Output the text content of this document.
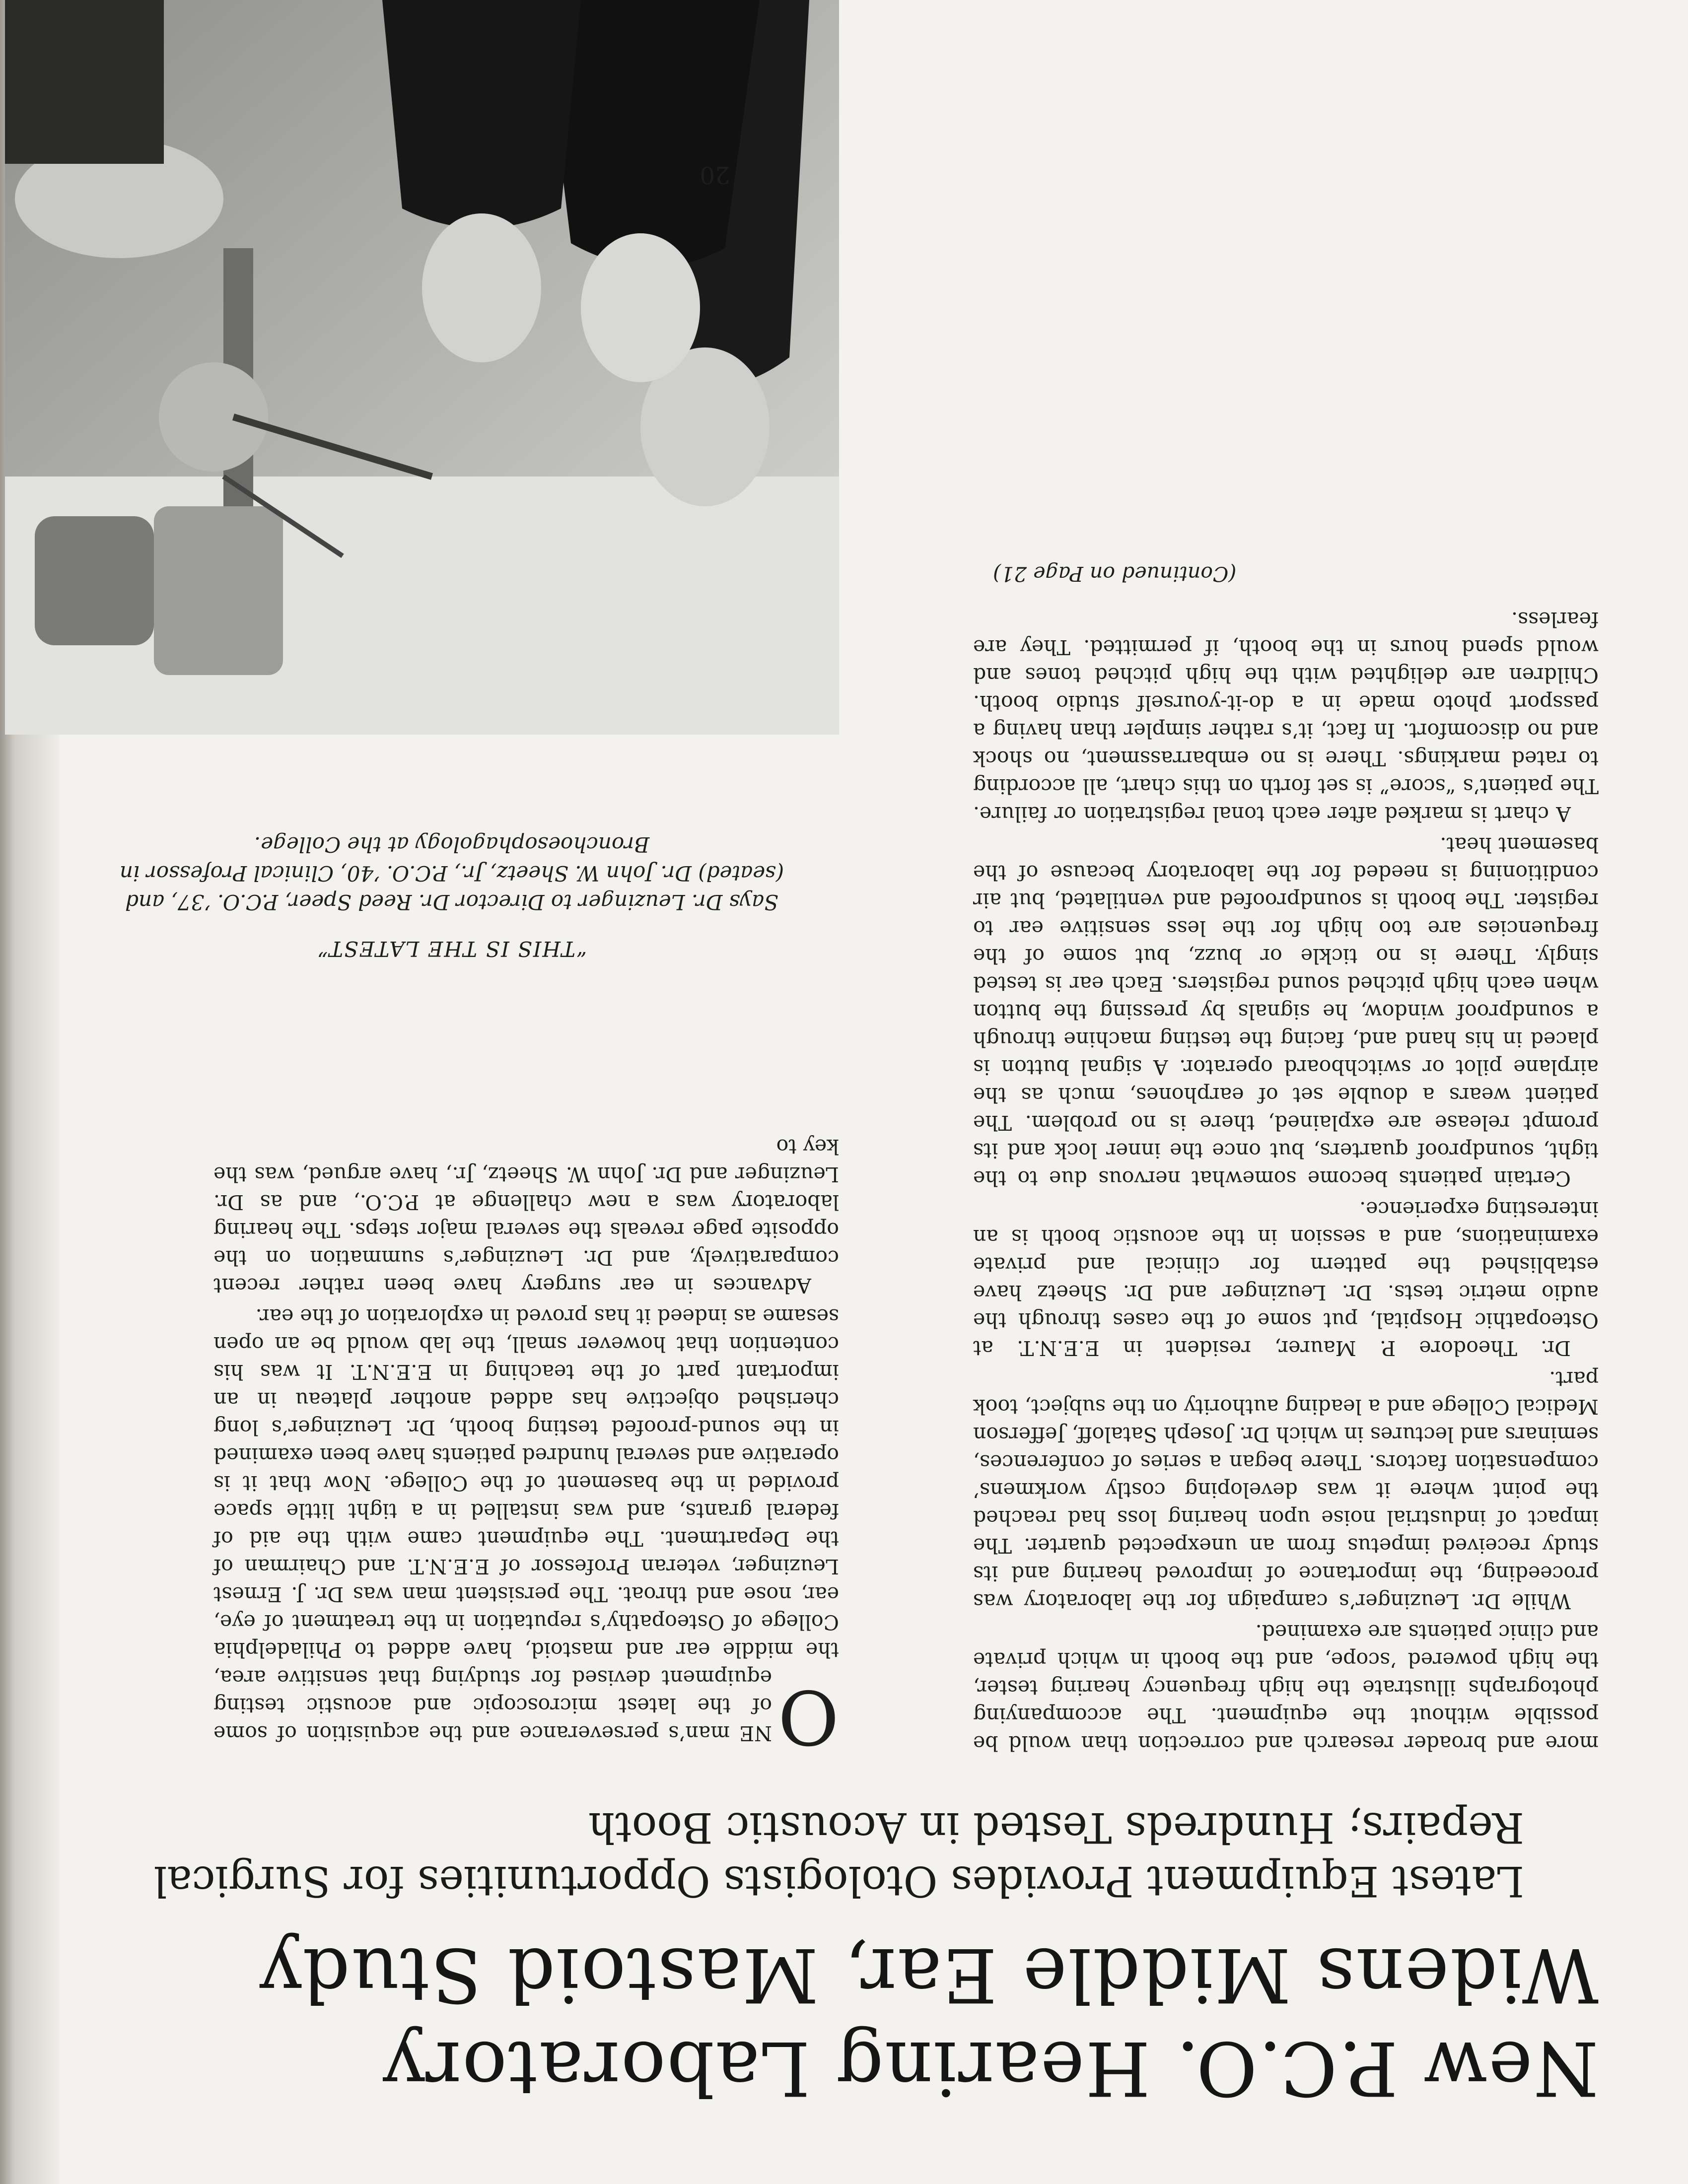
New P.C.O. Hearing Laboratory Widens Middle Ear, Mastoid Study
Latest Equipment Provides Otologists Opportunities for Surgical Repairs; Hundreds Tested in Acoustic Booth

more and broader research and correction than would be possible without the equipment. The accompanying photographs illustrate the high frequency hearing tester, the high powered ’scope, and the booth in which private and clinic patients are examined.

While Dr. Leuzinger’s campaign for the laboratory was proceeding, the importance of improved hearing and its study received impetus from an unexpected quarter. The impact of industrial noise upon hearing loss had reached the point where it was developing costly workmens’ compensation factors. There began a series of conferences, seminars and lectures in which Dr. Joseph Sataloff, Jefferson Medical College and a leading authority on the subject, took part.

Dr. Theodore P. Maurer, resident in E.E.N.T. at Osteopathic Hospital, put some of the cases through the audio metric tests. Dr. Leuzinger and Dr. Sheetz have established the pattern for clinical and private examinations, and a session in the acoustic booth is an interesting experience.

Certain patients become somewhat nervous due to the tight, soundproof quarters, but once the inner lock and its prompt release are explained, there is no problem. The patient wears a double set of earphones, much as the airplane pilot or switchboard operator. A signal button is placed in his hand and, facing the testing machine through a soundproof window, he signals by pressing the button when each high pitched sound registers. Each ear is tested singly. There is no tickle or buzz, but some of the frequencies are too high for the less sensitive ear to register. The booth is soundproofed and ventilated, but air conditioning is needed for the laboratory because of the basement heat.

A chart is marked after each tonal registration or failure. The patient’s “score” is set forth on this chart, all according to rated markings. There is no embarrassment, no shock and no discomfort. In fact, it’s rather simpler than having a passport photo made in a do-it-yourself studio booth. Children are delighted with the high pitched tones and would spend hours in the booth, if permitted. They are fearless.

(Continued on Page 21)

O
NE man’s perseverance and the acquisition of some of the latest microscopic and acoustic testing equipment devised for studying that sensitive area, the middle ear and mastoid, have added to Philadelphia College of Osteopathy’s reputation in the treatment of eye, ear, nose and throat. The persistent man was Dr. J. Ernest Leuzinger, veteran Professor of E.E.N.T. and Chairman of the Department. The equipment came with the aid of federal grants, and was installed in a tight little space provided in the basement of the College. Now that it is operative and several hundred patients have been examined in the sound-proofed testing booth, Dr. Leuzinger’s long cherished objective has added another plateau in an important part of the teaching in E.E.N.T. It was his contention that however small, the lab would be an open sesame as indeed it has proved in exploration of the ear.

Advances in ear surgery have been rather recent comparatively, and Dr. Leuzinger’s summation on the opposite page reveals the several major steps. The hearing laboratory was a new challenge at P.C.O., and as Dr. Leuzinger and Dr. John W. Sheetz, Jr., have argued, was the key to

“THIS IS THE LATEST”
Says Dr. Leuzinger to Director Dr. Reed Speer, P.C.O. ’37, and (seated) Dr. John W. Sheetz, Jr., P.C.O. ’40, Clinical Professor in Bronchoesophagology at the College.
20
